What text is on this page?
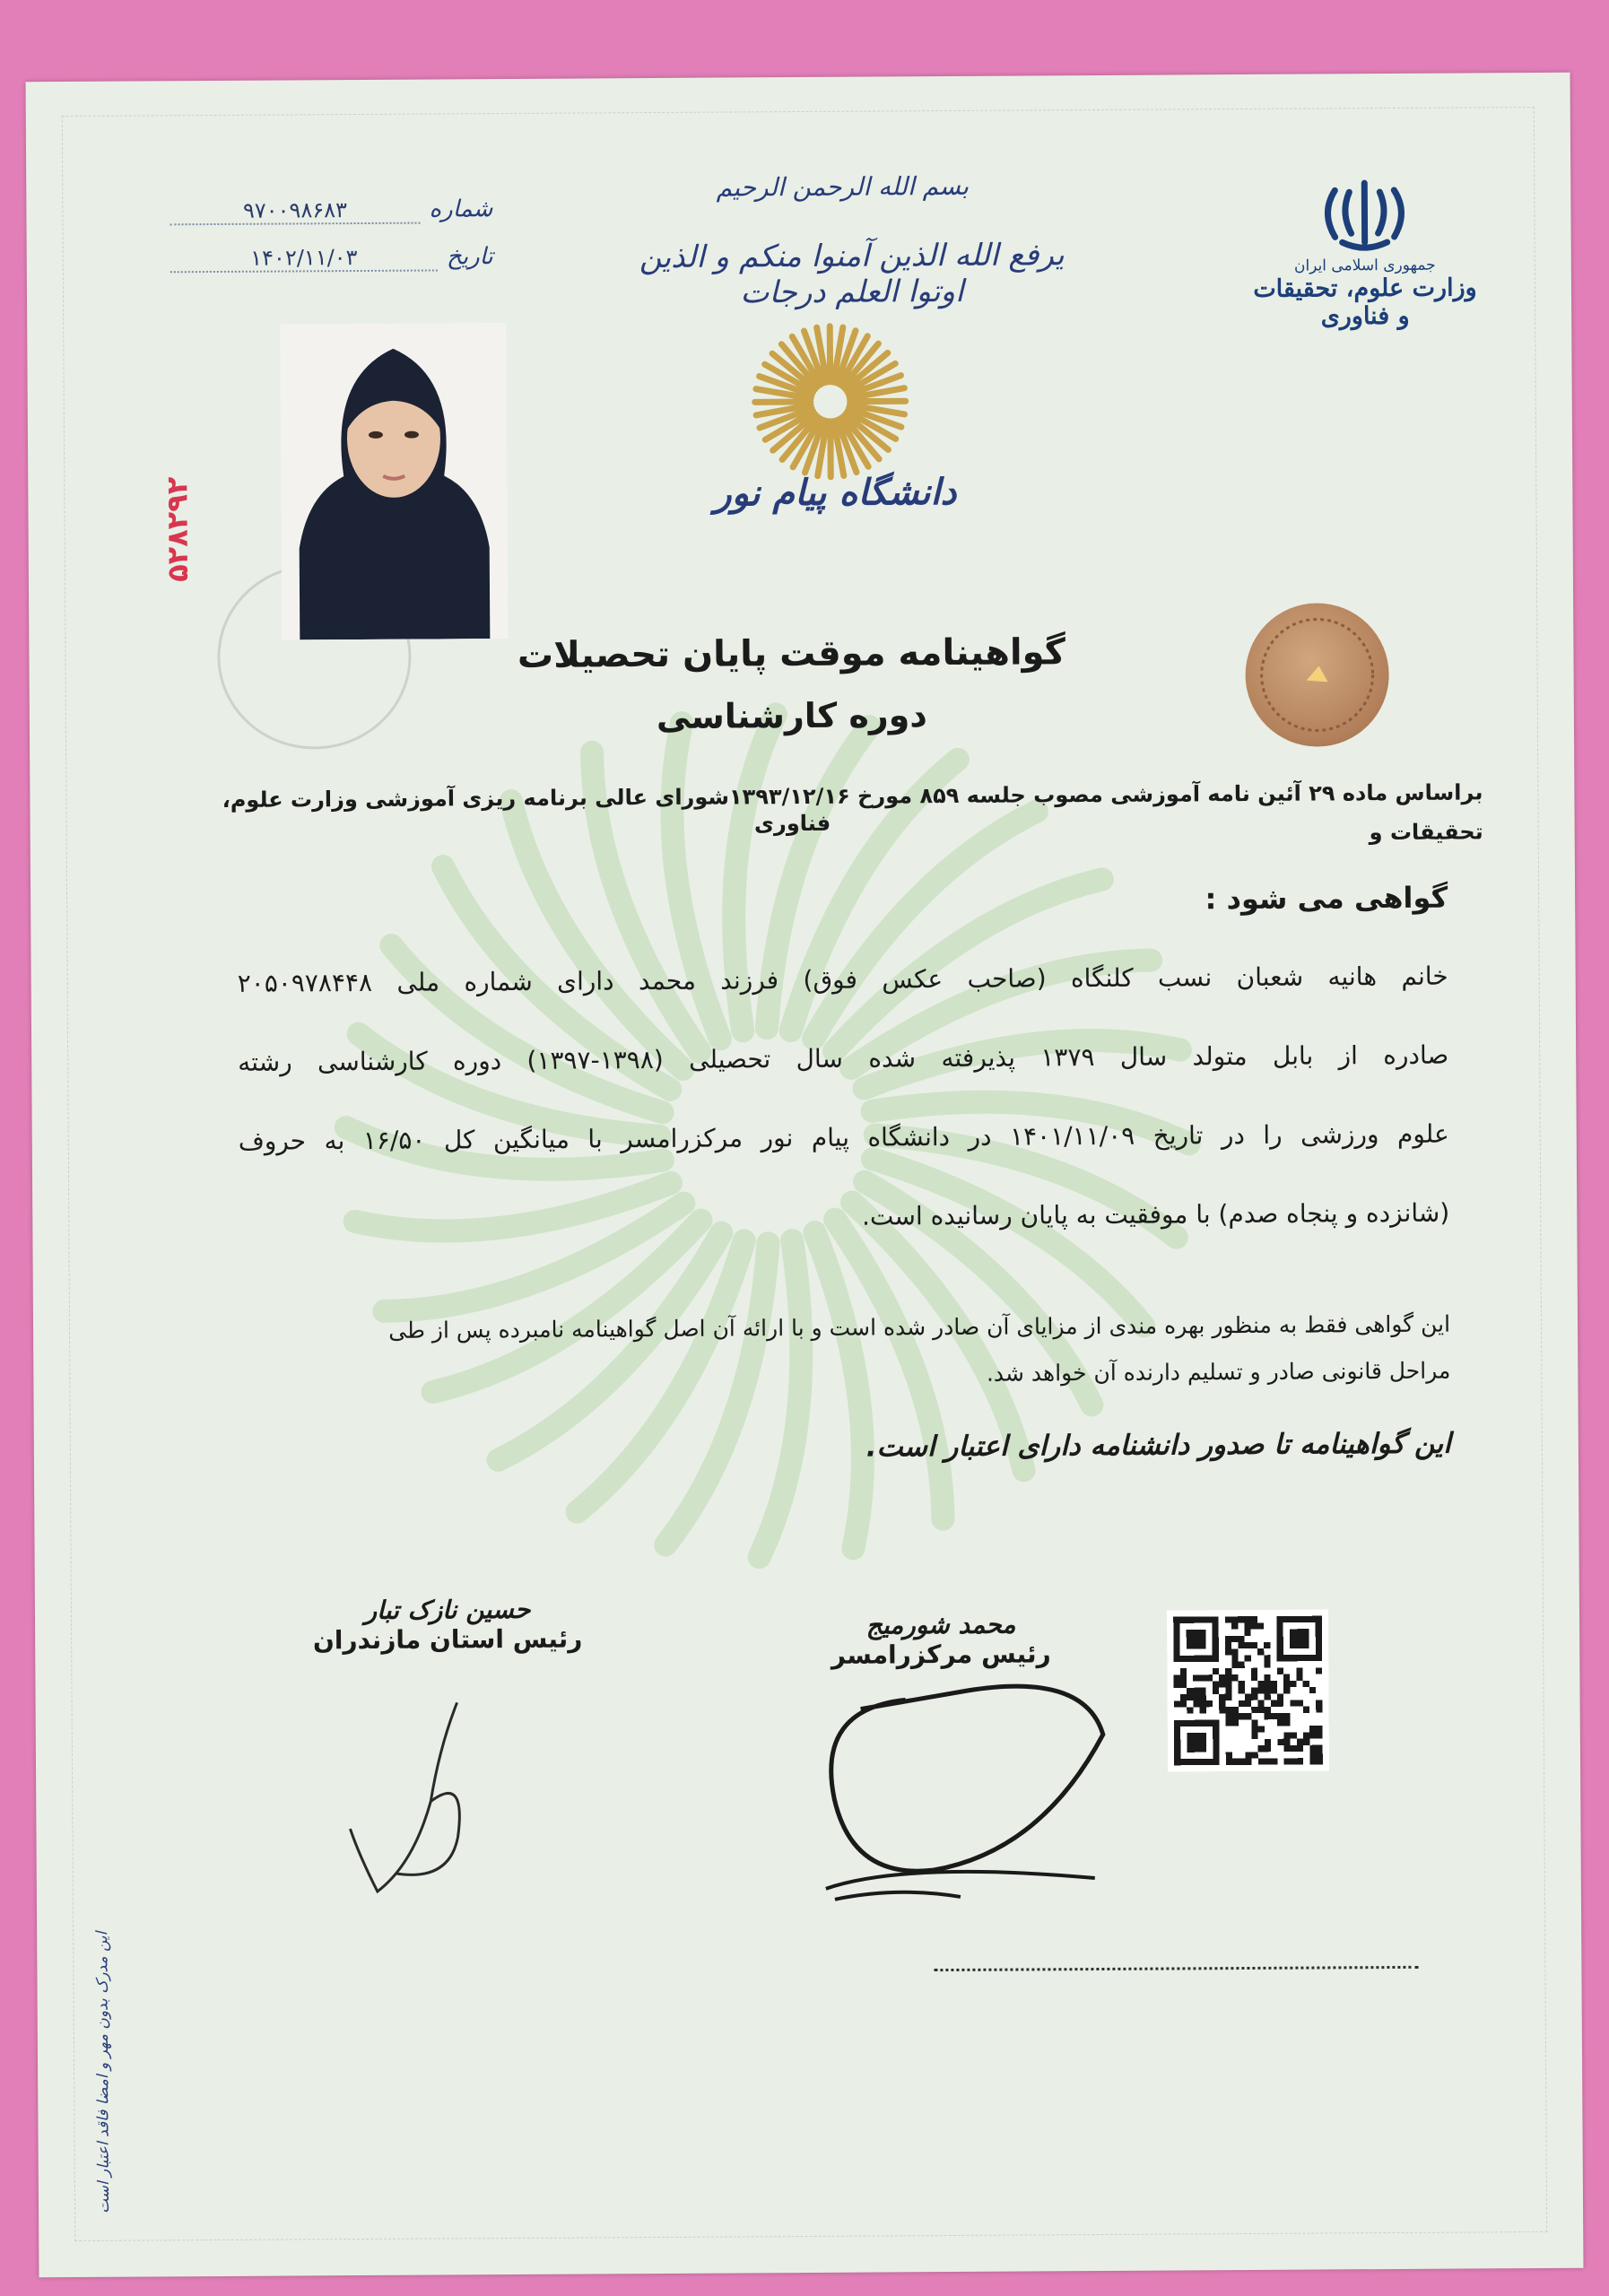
جمهوری اسلامی ایران
وزارت علوم، تحقیقات و فناوری
۹۷۰۰۹۸۶۸۳	شماره
۱۴۰۲/۱۱/۰۳	تاریخ
بسم الله الرحمن الرحیم
یرفع الله الذین آمنوا منکم و الذین اوتوا العلم درجات
دانشگاه پیام نور
۵۲۸۲۹۲
گواهینامه موقت پایان تحصیلات
دوره کارشناسی
براساس ماده ۲۹ آئین نامه آموزشی مصوب جلسه ۸۵۹ مورخ ۱۳۹۳/۱۲/۱۶شورای عالی برنامه ریزی آموزشی وزارت علوم، تحقیقات و
فناوری
گواهی می شود :
خانم هانیه شعبان نسب کلنگاه (صاحب عکس فوق) فرزند محمد دارای شماره ملی ۲۰۵۰۹۷۸۴۴۸
صادره از بابل متولد سال ۱۳۷۹ پذیرفته شده سال تحصیلی (۱۳۹۸-۱۳۹۷) دوره کارشناسی رشته
علوم ورزشی را در تاریخ ۱۴۰۱/۱۱/۰۹ در دانشگاه پیام نور مرکزرامسر با میانگین کل ۱۶/۵۰ به حروف
(شانزده و پنجاه صدم) با موفقیت به پایان رسانیده است.
این گواهی فقط به منظور بهره مندی از مزایای آن صادر شده است و با ارائه آن اصل گواهینامه نامبرده پس از طی
مراحل قانونی صادر و تسلیم دارنده آن خواهد شد.
این گواهینامه تا صدور دانشنامه دارای اعتبار است.
حسین نازک تبار
رئیس استان مازندران	محمد شورمیج
رئیس مرکزرامسر
این مدرک بدون مهر و امضا فاقد اعتبار است
